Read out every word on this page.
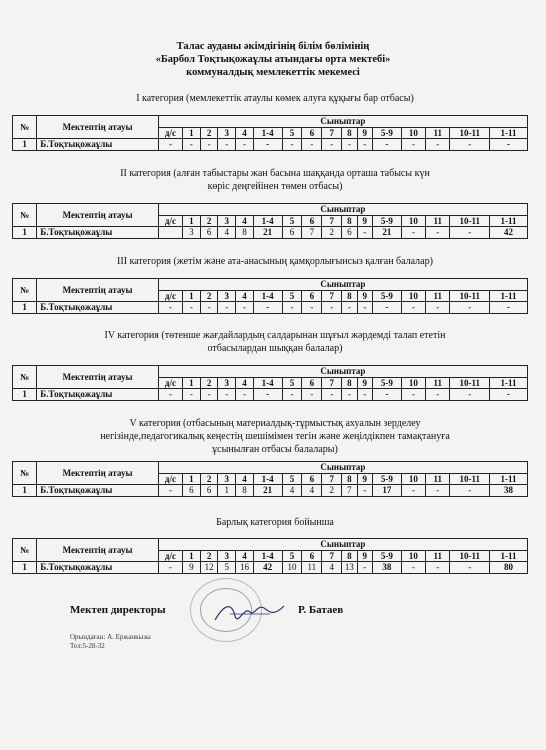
Талас ауданы әкімдігінің білім бөлімінің
«Барбол Тоқтықожаұлы атындағы орта мектебі»
коммуналдық мемлекеттік мекемесі
I категория (мемлекеттік атаулы көмек алуға құқығы бар отбасы)
№	Мектептің атауы	Сыныптар															
		д/с	1	2	3	4	1-4	5	6	7	8	9	5-9	10	11	10-11	1-11
1	Б.Тоқтықожаұлы	-	-	-	-	-	-	-	-	-	-	-	-	-	-	-	-
II категория (алған табыстары жан басына шаққанда орташа табысы күн
көріс деңгейінен төмен отбасы)
№	Мектептің атауы	Сыныптар															
		д/с	1	2	3	4	1-4	5	6	7	8	9	5-9	10	11	10-11	1-11
1	Б.Тоқтықожаұлы		3	6	4	8	21	6	7	2	6	-	21	-	-	-	42
III категория (жетім және ата-анасының қамқорлығынсыз қалған балалар)
№	Мектептің атауы	Сыныптар															
		д/с	1	2	3	4	1-4	5	6	7	8	9	5-9	10	11	10-11	1-11
1	Б.Тоқтықожаұлы	-	-	-	-	-	-	-	-	-	-	-	-	-	-	-	-
IV категория (төтенше жағдайлардың салдарынан шұғыл жәрдемді талап ететін
отбасылардан шыққан балалар)
№	Мектептің атауы	Сыныптар															
		д/с	1	2	3	4	1-4	5	6	7	8	9	5-9	10	11	10-11	1-11
1	Б.Тоқтықожаұлы	-	-	-	-	-	-	-	-	-	-	-	-	-	-	-	-
V категория (отбасының материалдық-тұрмыстық ахуалын зерделеу
негізінде,педагогикалық кеңестің шешімімен тегін және жеңілдікпен тамақтануға
ұсынылған отбасы балалары)
№	Мектептің атауы	Сыныптар															
		д/с	1	2	3	4	1-4	5	6	7	8	9	5-9	10	11	10-11	1-11
1	Б.Тоқтықожаұлы	-	6	6	1	8	21	4	4	2	7	-	17	-	-	-	38
Барлық категория бойынша
№	Мектептің атауы	Сыныптар															
		д/с	1	2	3	4	1-4	5	6	7	8	9	5-9	10	11	10-11	1-11
1	Б.Тоқтықожаұлы	-	9	12	5	16	42	10	11	4	13	-	38	-	-	-	80
Мектеп директоры	Р. Батаев
Орындаған: А. Ержанкызы
Тел:5-28-32
